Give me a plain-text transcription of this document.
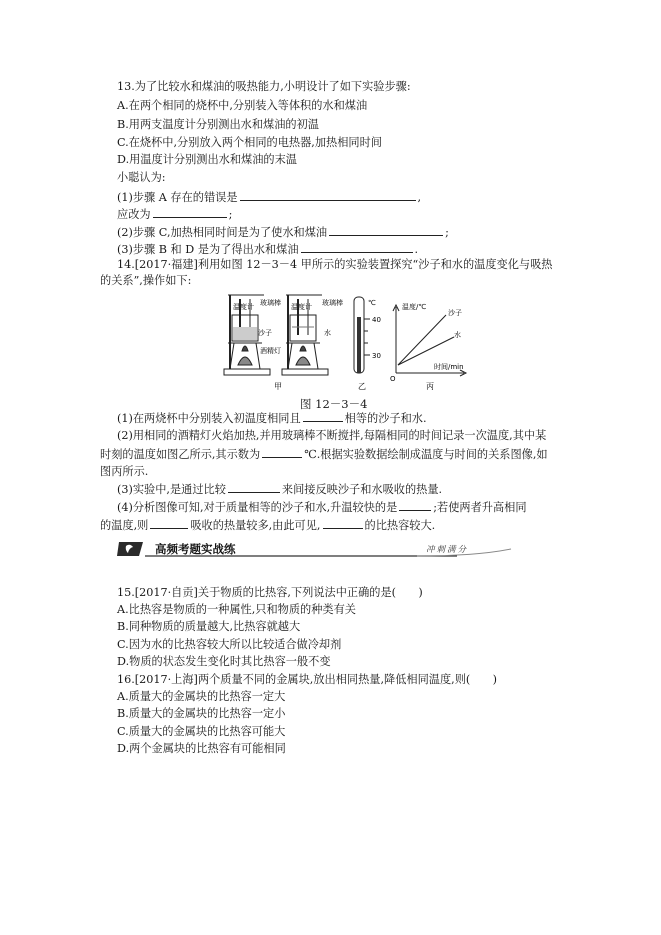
13.为了比较水和煤油的吸热能力,小明设计了如下实验步骤:
A.在两个相同的烧杯中,分别装入等体积的水和煤油
B.用两支温度计分别测出水和煤油的初温
C.在烧杯中,分别放入两个相同的电热器,加热相同时间
D.用温度计分别测出水和煤油的末温
小聪认为:
(1)步骤 A 存在的错误是	,
应改为	;
(2)步骤 C,加热相同时间是为了使水和煤油	;
(3)步骤 B 和 D 是为了得出水和煤油	.
14.[2017·福建]利用如图 12－3－4 甲所示的实验装置探究“沙子和水的温度变化与吸热
的关系”,操作如下:
温度计 玻璃棒
沙子
酒精灯
温度计 玻璃棒
水
甲
℃
40
30
乙
温度/℃
时间/min
O
沙子
水
丙
图 12－3－4
(1)在两烧杯中分别装入初温度相同且	相等的沙子和水.
(2)用相同的酒精灯火焰加热,并用玻璃棒不断搅拌,每隔相同的时间记录一次温度,其中某
时刻的温度如图乙所示,其示数为	℃.根据实验数据绘制成温度与时间的关系图像,如
图丙所示.
(3)实验中,是通过比较	来间接反映沙子和水吸收的热量.
(4)分析图像可知,对于质量相等的沙子和水,升温较快的是	;若使两者升高相同
的温度,则	吸收的热量较多,由此可见,	的比热容较大.
高频考题实战练	冲刺满分
15.[2017·自贡]关于物质的比热容,下列说法中正确的是(　　)
A.比热容是物质的一种属性,只和物质的种类有关
B.同种物质的质量越大,比热容就越大
C.因为水的比热容较大所以比较适合做冷却剂
D.物质的状态发生变化时其比热容一般不变
16.[2017·上海]两个质量不同的金属块,放出相同热量,降低相同温度,则(　　)
A.质量大的金属块的比热容一定大
B.质量大的金属块的比热容一定小
C.质量大的金属块的比热容可能大
D.两个金属块的比热容有可能相同
